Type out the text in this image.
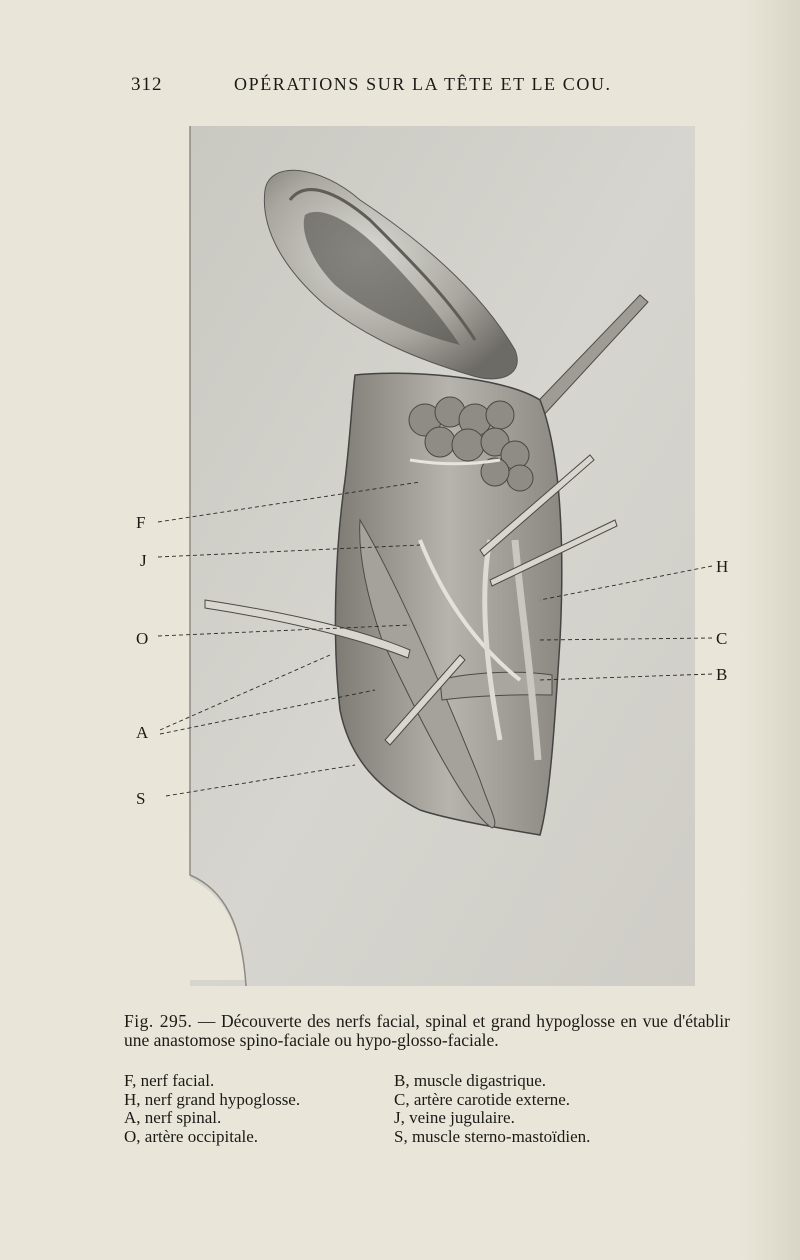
312	OPÉRATIONS SUR LA TÊTE ET LE COU.
F
J
O
A
S
H
C
B
Fig. 295. — Découverte des nerfs facial, spinal et grand hypoglosse en vue d'établir une anastomose spino-faciale ou hypo-glosso-faciale.
F, nerf facial.
H, nerf grand hypoglosse.
A, nerf spinal.
O, artère occipitale.
B, muscle digastrique.
C, artère carotide externe.
J, veine jugulaire.
S, muscle sterno-mastoïdien.
